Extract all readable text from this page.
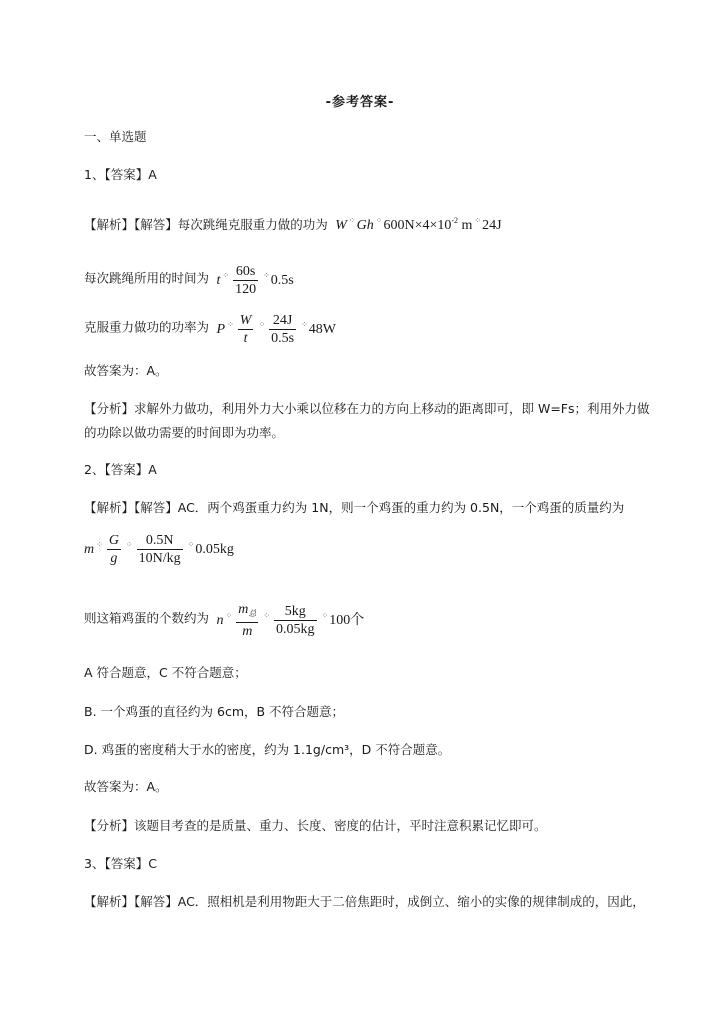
-参考答案-
一、单选题
1、【答案】A
【解析】【解答】每次跳绳克服重力做的功为 W ⁘ Gh ⁘ $600N\times 4\times 10^{-2}$ m ⁘ 24J
每次跳绳所用的时间为 t $^⁘ \frac{60s}{120} ^⁘$ 0.5s
克服重力做功的功率为 P $^⁘ \frac{W}{t} ^⁘ \frac{24J}{0.5s} ^⁘$ 48W
故答案为：A。
【分析】求解外力做功，利用外力大小乘以位移在力的方向上移动的距离即可，即 W=Fs；利用外力做
的功除以做功需要的时间即为功率。
2、【答案】A
【解析】【解答】AC．两个鸡蛋重力约为 1N，则一个鸡蛋的重力约为 0.5N，一个鸡蛋的质量约为
m $^⁘ \frac{G}{g} ^⁘ \frac{0.5N}{10N/kg} ^⁘$ 0.05kg
则这箱鸡蛋的个数约为 n $^⁘ \frac{m_总}{m} ^⁘ \frac{5kg}{0.05kg} ^⁘$ 100个
A 符合题意，C 不符合题意；
B. 一个鸡蛋的直径约为 6cm，B 不符合题意；
D. 鸡蛋的密度稍大于水的密度，约为 1.1g/cm³，D 不符合题意。
故答案为：A。
【分析】该题目考查的是质量、重力、长度、密度的估计，平时注意积累记忆即可。
3、【答案】C
【解析】【解答】AC．照相机是利用物距大于二倍焦距时，成倒立、缩小的实像的规律制成的，因此，
